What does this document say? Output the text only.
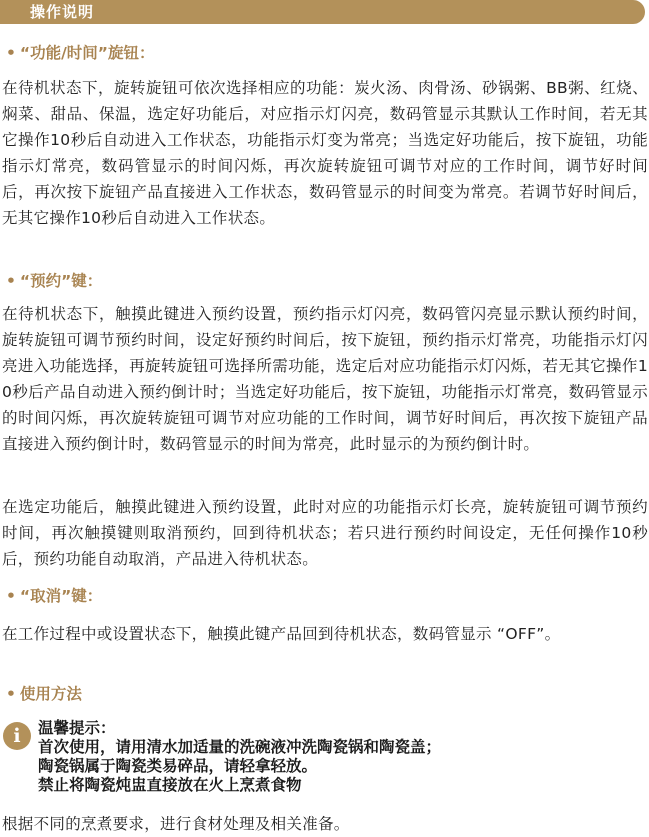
操作说明
• “功能/时间”旋钮：
在待机状态下，旋转旋钮可依次选择相应的功能：炭火汤、肉骨汤、砂锅粥、BB粥、红烧、焖菜、甜品、保温，选定好功能后，对应指示灯闪亮，数码管显示其默认工作时间，若无其它操作10秒后自动进入工作状态，功能指示灯变为常亮；当选定好功能后，按下旋钮，功能指示灯常亮，数码管显示的时间闪烁，再次旋转旋钮可调节对应的工作时间，调节好时间后，再次按下旋钮产品直接进入工作状态，数码管显示的时间变为常亮。若调节好时间后，无其它操作10秒后自动进入工作状态。
• “预约”键：
在待机状态下，触摸此键进入预约设置，预约指示灯闪亮，数码管闪亮显示默认预约时间，旋转旋钮可调节预约时间，设定好预约时间后，按下旋钮，预约指示灯常亮，功能指示灯闪亮进入功能选择，再旋转旋钮可选择所需功能，选定后对应功能指示灯闪烁，若无其它操作10秒后产品自动进入预约倒计时；当选定好功能后，按下旋钮，功能指示灯常亮，数码管显示的时间闪烁，再次旋转旋钮可调节对应功能的工作时间，调节好时间后，再次按下旋钮产品直接进入预约倒计时，数码管显示的时间为常亮，此时显示的为预约倒计时。
在选定功能后，触摸此键进入预约设置，此时对应的功能指示灯长亮，旋转旋钮可调节预约时间，再次触摸键则取消预约，回到待机状态；若只进行预约时间设定，无任何操作10秒后，预约功能自动取消，产品进入待机状态。
• “取消”键：
在工作过程中或设置状态下，触摸此键产品回到待机状态，数码管显示 “OFF”。
• 使用方法
i	温馨提示：
首次使用，请用清水加适量的洗碗液冲洗陶瓷锅和陶瓷盖；
陶瓷锅属于陶瓷类易碎品，请轻拿轻放。
禁止将陶瓷炖盅直接放在火上烹煮食物
根据不同的烹煮要求，进行食材处理及相关准备。
